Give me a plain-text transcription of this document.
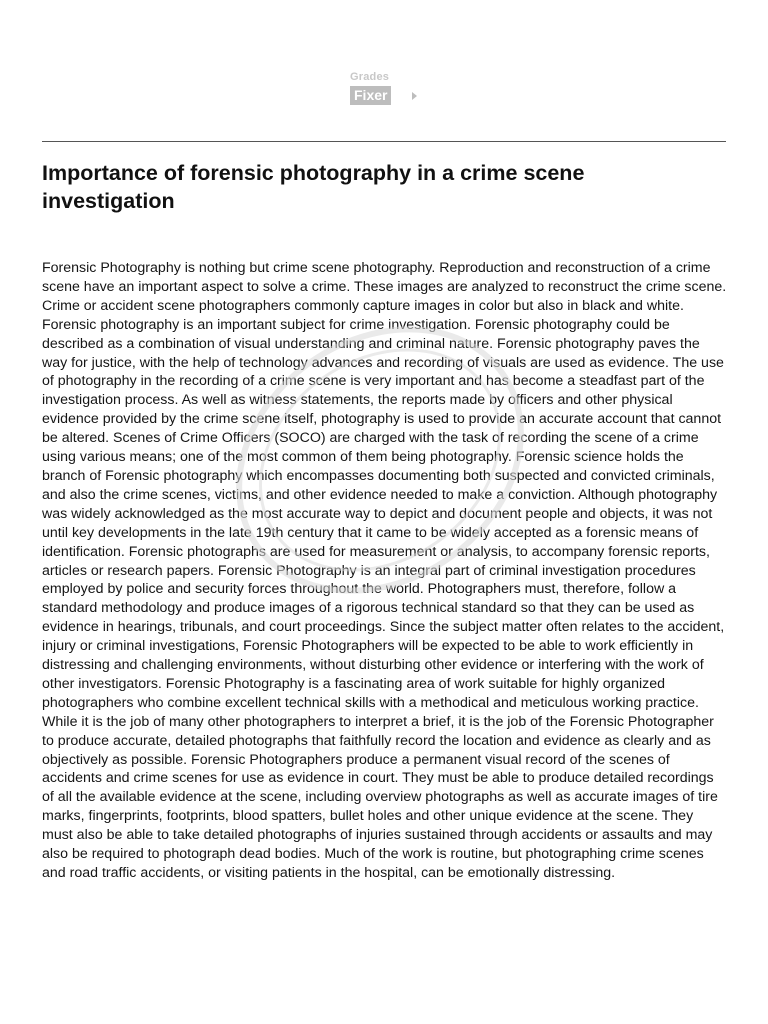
Grades
Fixer
Importance of forensic photography in a crime scene investigation

Forensic Photography is nothing but crime scene photography. Reproduction and reconstruction of a crime scene have an important aspect to solve a crime. These images are analyzed to reconstruct the crime scene. Crime or accident scene photographers commonly capture images in color but also in black and white. Forensic photography is an important subject for crime investigation. Forensic photography could be described as a combination of visual understanding and criminal nature. Forensic photography paves the way for justice, with the help of technology advances and recording of visuals are used as evidence. The use of photography in the recording of a crime scene is very important and has become a steadfast part of the investigation process. As well as witness statements, the reports made by officers and other physical evidence provided by the crime scene itself, photography is used to provide an accurate account that cannot be altered. Scenes of Crime Officers (SOCO) are charged with the task of recording the scene of a crime using various means; one of the most common of them being photography. Forensic science holds the branch of Forensic photography which encompasses documenting both suspected and convicted criminals, and also the crime scenes, victims, and other evidence needed to make a conviction. Although photography was widely acknowledged as the most accurate way to depict and document people and objects, it was not until key developments in the late 19th century that it came to be widely accepted as a forensic means of identification. Forensic photographs are used for measurement or analysis, to accompany forensic reports, articles or research papers. Forensic Photography is an integral part of criminal investigation procedures employed by police and security forces throughout the world. Photographers must, therefore, follow a standard methodology and produce images of a rigorous technical standard so that they can be used as evidence in hearings, tribunals, and court proceedings. Since the subject matter often relates to the accident, injury or criminal investigations, Forensic Photographers will be expected to be able to work efficiently in distressing and challenging environments, without disturbing other evidence or interfering with the work of other investigators. Forensic Photography is a fascinating area of work suitable for highly organized photographers who combine excellent technical skills with a methodical and meticulous working practice. While it is the job of many other photographers to interpret a brief, it is the job of the Forensic Photographer to produce accurate, detailed photographs that faithfully record the location and evidence as clearly and as objectively as possible. Forensic Photographers produce a permanent visual record of the scenes of accidents and crime scenes for use as evidence in court. They must be able to produce detailed recordings of all the available evidence at the scene, including overview photographs as well as accurate images of tire marks, fingerprints, footprints, blood spatters, bullet holes and other unique evidence at the scene. They must also be able to take detailed photographs of injuries sustained through accidents or assaults and may also be required to photograph dead bodies. Much of the work is routine, but photographing crime scenes and road traffic accidents, or visiting patients in the hospital, can be emotionally distressing.
